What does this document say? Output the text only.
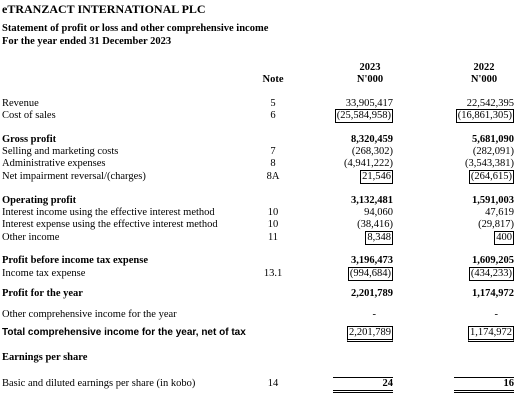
eTRANZACT INTERNATIONAL PLC
Statement of profit or loss and other comprehensive income
For the year ended 31 December 2023
Note
2023
N'000
2022
N'000
Revenue	5	33,905,417	22,542,395
Cost of sales	6	(25,584,958)	(16,861,305)
Gross profit	8,320,459	5,681,090
Selling and marketing costs	7	(268,302)	(282,091)
Administrative expenses	8	(4,941,222)	(3,543,381)
Net impairment reversal/(charges)	8A	21,546	(264,615)
Operating profit	3,132,481	1,591,003
Interest income using the effective interest method	10	94,060	47,619
Interest expense using the effective interest method	10	(38,416)	(29,817)
Other income	11	8,348	400
Profit before income tax expense	3,196,473	1,609,205
Income tax expense	13.1	(994,684)	(434,233)
Profit for the year	2,201,789	1,174,972
Other comprehensive income for the year	-	-
Total comprehensive income for the year, net of tax	2,201,789	1,174,972
Earnings per share
Basic and diluted earnings per share (in kobo)	14	24	16
